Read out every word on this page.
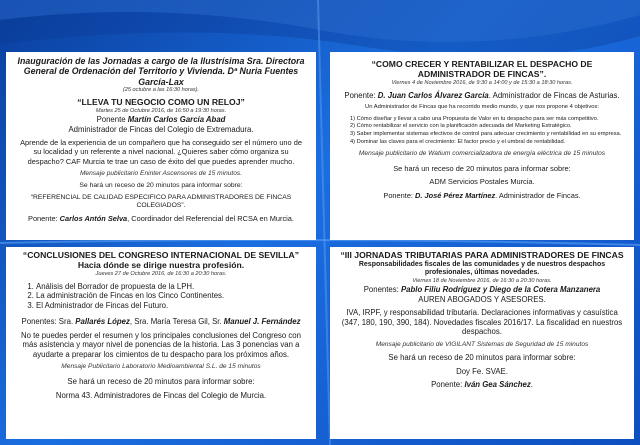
Inauguración de las Jornadas a cargo de la Ilustrísima Sra. Directora General de Ordenación del Territorio y Vivienda. Dª Nuria Fuentes García-Lax
(25 octubre a las 16:30 horas).
“LLEVA TU NEGOCIO COMO UN RELOJ”
Martes 25 de Octubre 2016, de 16:50 a 19:30 horas.
Ponente Martín Carlos García Abad
Administrador de Fincas del Colegio de Extremadura.
Aprende de la experiencia de un compañero que ha conseguido ser el número uno de su localidad y un referente a nivel nacional. ¿Quieres saber cómo organiza su despacho? CAF Murcia te trae un caso de éxito del que puedes aprender mucho.
Mensaje publicitario Eninter Ascensores de 15 minutos.
Se hará un receso de 20 minutos para informar sobre:
“REFERENCIAL DE CALIDAD ESPECIFICO PARA ADMINISTRADORES DE FINCAS COLEGIADOS”.
Ponente: Carlos Antón Selva, Coordinador del Referencial del RCSA en Murcia.
“COMO CRECER Y RENTABILIZAR EL DESPACHO DE ADMINISTRADOR DE FINCAS”.
Viernes 4 de Noviembre 2016, de 9:30 a 14:00 y de 15:30 a 18:30 horas.
Ponente: D. Juan Carlos Álvarez García. Administrador de Fincas de Asturias.
Un Administrador de Fincas que ha recorrido medio mundo, y que nos propone 4 objetivos:
1) Cómo diseñar y llevar a cabo una Propuesta de Valor en tu despacho para ser más competitivo.
2) Cómo rentabilizar el servicio con la planificación adecuada del Marketing Estratégico.
3) Saber implementar sistemas efectivos de control para adecuar crecimiento y rentabilidad en su empresa.
4) Dominar las claves para el crecimiento: El factor precio y el umbral de rentabilidad.
Mensaje publicitario de Watium comercializadora de energía eléctrica de 15 minutos
Se hará un receso de 20 minutos para informar sobre:
ADM Servicios Postales Murcia.
Ponente: D. José Pérez Martínez. Administrador de Fincas.
“CONCLUSIONES DEL CONGRESO INTERNACIONAL DE SEVILLA” Hacia dónde se dirige nuestra profesión.
Jueves 27 de Octubre 2016, de 16:30 a 20:30 horas.
1. Análisis del Borrador de propuesta de la LPH.
2. La administración de Fincas en los Cinco Continentes.
3. El Administrador de Fincas del Futuro.
Ponentes: Sra. Pallarés López, Sra. María Teresa Gil, Sr. Manuel J. Fernández
No te puedes perder el resumen y los principales conclusiones del Congreso con más asistencia y mayor nivel de ponencias de la historia. Las 3 ponencias van a ayudarte a preparar los cimientos de tu despacho para los próximos años.
Mensaje Publicitario Laboratorio Medioambiental S.L. de 15 minutos
Se hará un receso de 20 minutos para informar sobre:
Norma 43. Administradores de Fincas del Colegio de Murcia.
“III JORNADAS TRIBUTARIAS PARA ADMINISTRADORES DE FINCAS
Responsabilidades fiscales de las comunidades y de nuestros despachos profesionales, últimas novedades.
Viernes 18 de Noviembre 2016, de 16:30 a 20:30 horas.
Ponentes: Pablo Filiu Rodríguez y Diego de la Cotera Manzanera
AUREN ABOGADOS Y ASESORES.
IVA, IRPF, y responsabilidad tributaria. Declaraciones informativas y casuística (347, 180, 190, 390, 184). Novedades fiscales 2016/17. La fiscalidad en nuestros despachos.
Mensaje publicitario de VIGILANT Sistemas de Seguridad de 15 minutos
Se hará un receso de 20 minutos para informar sobre:
Doy Fe. SVAE.
Ponente: Iván Gea Sánchez.
